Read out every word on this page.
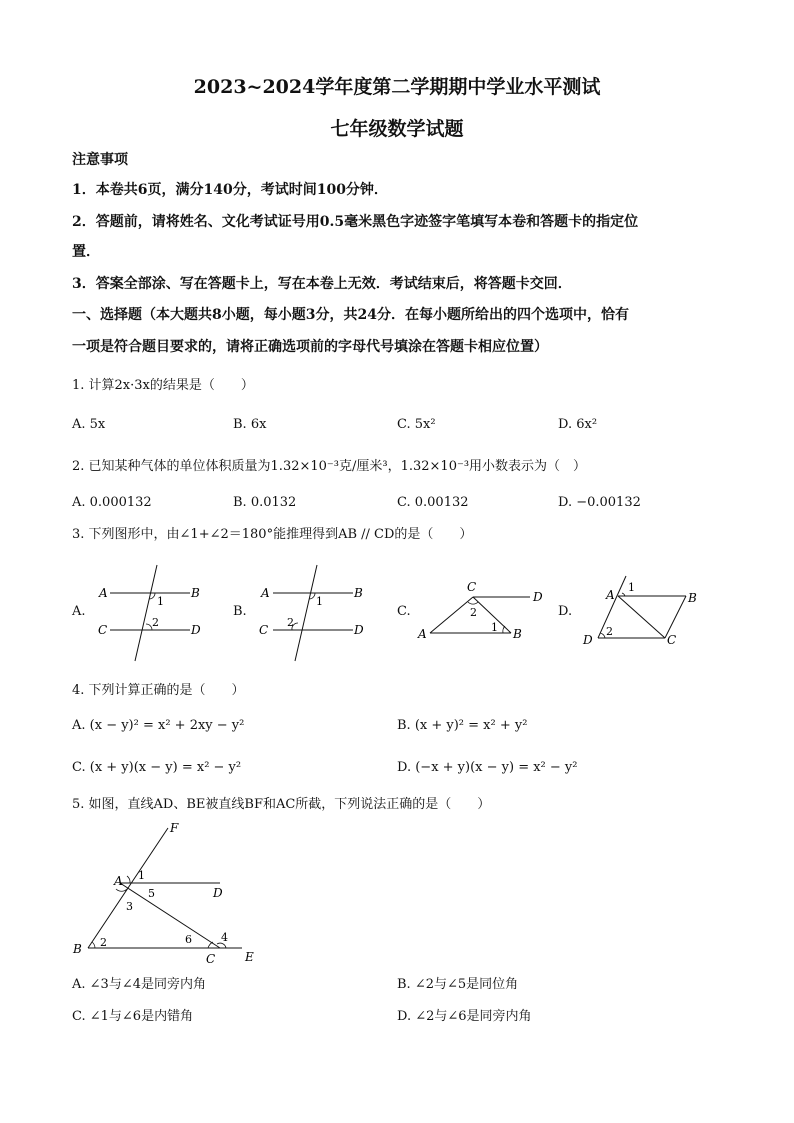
2023~2024学年度第二学期期中学业水平测试
七年级数学试题
注意事项
1．本卷共6页，满分140分，考试时间100分钟．
2．答题前，请将姓名、文化考试证号用0.5毫米黑色字迹签字笔填写本卷和答题卡的指定位
置．
3．答案全部涂、写在答题卡上，写在本卷上无效．考试结束后，将答题卡交回．
一、选择题（本大题共8小题，每小题3分，共24分．在每小题所给出的四个选项中，恰有
一项是符合题目要求的，请将正确选项前的字母代号填涂在答题卡相应位置）
1. 计算2x·3x的结果是（　　）
A. 5x	B. 6x	C. 5x²	D. 6x²
2. 已知某种气体的单位体积质量为1.32×10⁻³克/厘米³，1.32×10⁻³用小数表示为（　）
A. 0.000132	B. 0.0132	C. 0.00132	D. −0.00132
3. 下列图形中，由∠1+∠2＝180°能推理得到AB // CD的是（　　）
A.	B.	C.	D.
A	B
C	D
1
2
A	B
C	D
1
2
C
D
A	B
2
1
1
A	B
D	C
2
4. 下列计算正确的是（　　）
A. (x − y)² = x² + 2xy − y²	B. (x + y)² = x² + y²
C. (x + y)(x − y) = x² − y²	D. (−x + y)(x − y) = x² − y²
5. 如图，直线AD、BE被直线BF和AC所截，下列说法正确的是（　　）
F
A 1
5	D
3
B 2	6	4
C E
A. ∠3与∠4是同旁内角	B. ∠2与∠5是同位角
C. ∠1与∠6是内错角	D. ∠2与∠6是同旁内角
